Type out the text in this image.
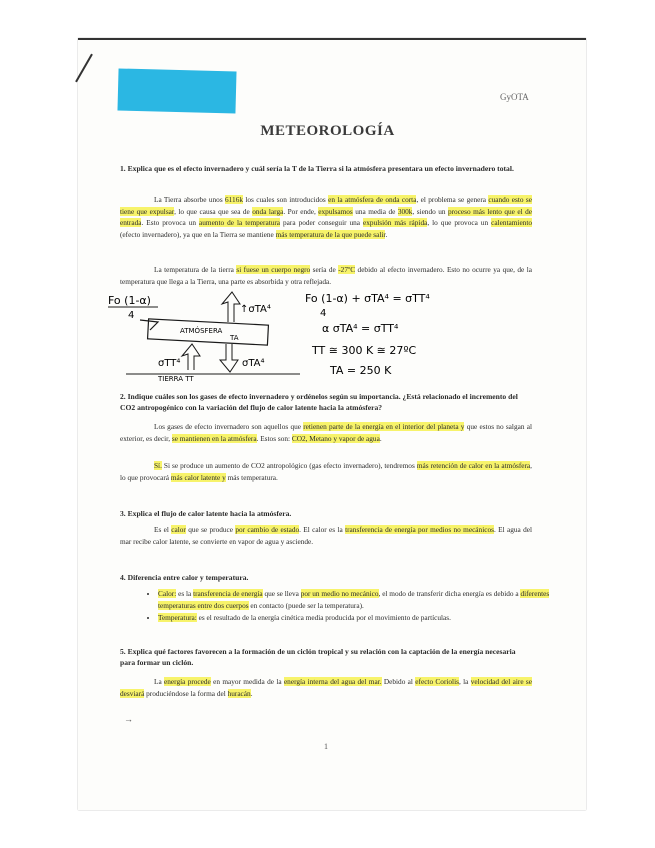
GyOTA
METEOROLOGÍA
1. Explica que es el efecto invernadero y cuál sería la T de la Tierra si la atmósfera presentara un efecto invernadero total.
La Tierra absorbe unos 6116k los cuales son introducidos en la atmósfera de onda corta, el problema se genera cuando esto se tiene que expulsar, lo que causa que sea de onda larga. Por ende, expulsamos una media de 300k, siendo un proceso más lento que el de entrada. Esto provoca un aumento de la temperatura para poder conseguir una expulsión más rápida, lo que provoca un calentamiento (efecto invernadero), ya que en la Tierra se mantiene más temperatura de la que puede salir.
La temperatura de la tierra si fuese un cuerpo negro sería de -27ºC debido al efecto invernadero. Esto no ocurre ya que, de la temperatura que llega a la Tierra, una parte es absorbida y otra reflejada.
Fo (1-α)
4
ATMÓSFERA
TA
↑σTA⁴
σTT⁴	σTA⁴
TIERRA TT
Fo (1-α) + σTA⁴ = σTT⁴
4
α σTA⁴ = σTT⁴
TT ≅ 300 K ≅ 27ºC
TA = 250 K
2. Indique cuáles son los gases de efecto invernadero y ordénelos según su importancia. ¿Está relacionado el incremento del CO2 antropogénico con la variación del flujo de calor latente hacia la atmósfera?
Los gases de efecto invernadero son aquellos que retienen parte de la energía en el interior del planeta y que estos no salgan al exterior, es decir, se mantienen en la atmósfera. Estos son: CO2, Metano y vapor de agua.
Sí. Si se produce un aumento de CO2 antropológico (gas efecto invernadero), tendremos más retención de calor en la atmósfera, lo que provocará más calor latente y más temperatura.
3. Explica el flujo de calor latente hacia la atmósfera.
Es el calor que se produce por cambio de estado. El calor es la transferencia de energía por medios no mecánicos. El agua del mar recibe calor latente, se convierte en vapor de agua y asciende.
4. Diferencia entre calor y temperatura.
• Calor: es la transferencia de energía que se lleva por un medio no mecánico, el modo de transferir dicha energía es debido a diferentes temperaturas entre dos cuerpos en contacto (puede ser la temperatura).
• Temperatura: es el resultado de la energía cinética media producida por el movimiento de partículas.
5. Explica qué factores favorecen a la formación de un ciclón tropical y su relación con la captación de la energía necesaria para formar un ciclón.
La energía procede en mayor medida de la energía interna del agua del mar. Debido al efecto Coriolis, la velocidad del aire se desviará produciéndose la forma del huracán.
→
1
